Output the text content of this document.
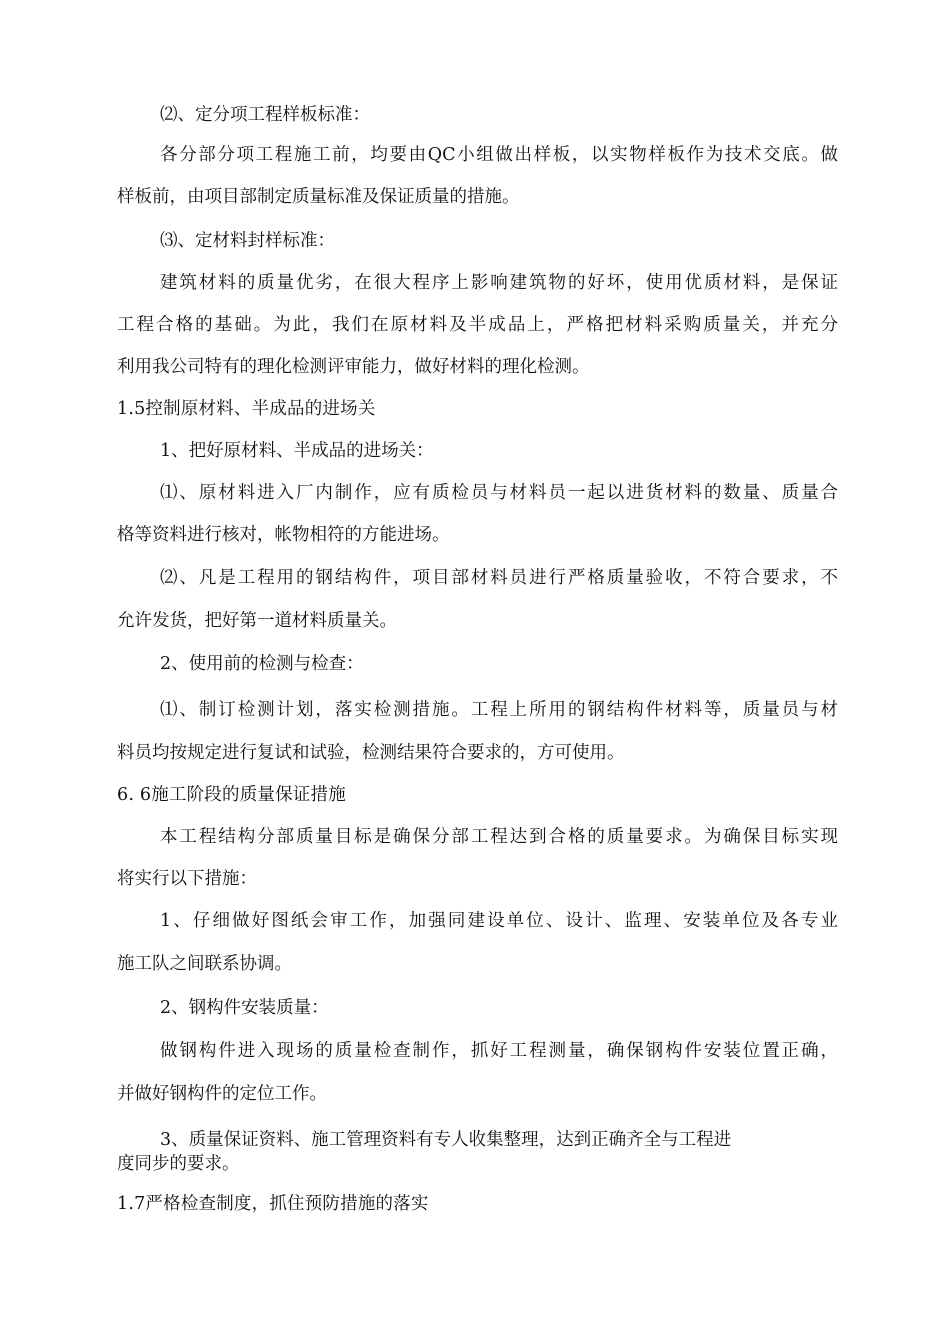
⑵、定分项工程样板标准：

各分部分项工程施工前，均要由QC小组做出样板，以实物样板作为技术交底。做

样板前，由项目部制定质量标准及保证质量的措施。

⑶、定材料封样标准：

建筑材料的质量优劣，在很大程序上影响建筑物的好坏，使用优质材料，是保证

工程合格的基础。为此，我们在原材料及半成品上，严格把材料采购质量关，并充分

利用我公司特有的理化检测评审能力，做好材料的理化检测。

1.5控制原材料、半成品的进场关

1、把好原材料、半成品的进场关：

⑴、原材料进入厂内制作，应有质检员与材料员一起以进货材料的数量、质量合

格等资料进行核对，帐物相符的方能进场。

⑵、凡是工程用的钢结构件，项目部材料员进行严格质量验收，不符合要求，不

允许发货，把好第一道材料质量关。

2、使用前的检测与检查：

⑴、制订检测计划，落实检测措施。工程上所用的钢结构件材料等，质量员与材

料员均按规定进行复试和试验，检测结果符合要求的，方可使用。

6. 6施工阶段的质量保证措施

本工程结构分部质量目标是确保分部工程达到合格的质量要求。为确保目标实现

将实行以下措施：

1、仔细做好图纸会审工作，加强同建设单位、设计、监理、安装单位及各专业

施工队之间联系协调。

2、钢构件安装质量：

做钢构件进入现场的质量检查制作，抓好工程测量，确保钢构件安装位置正确，

并做好钢构件的定位工作。

3、质量保证资料、施工管理资料有专人收集整理，达到正确齐全与工程进

度同步的要求。

1.7严格检查制度，抓住预防措施的落实
